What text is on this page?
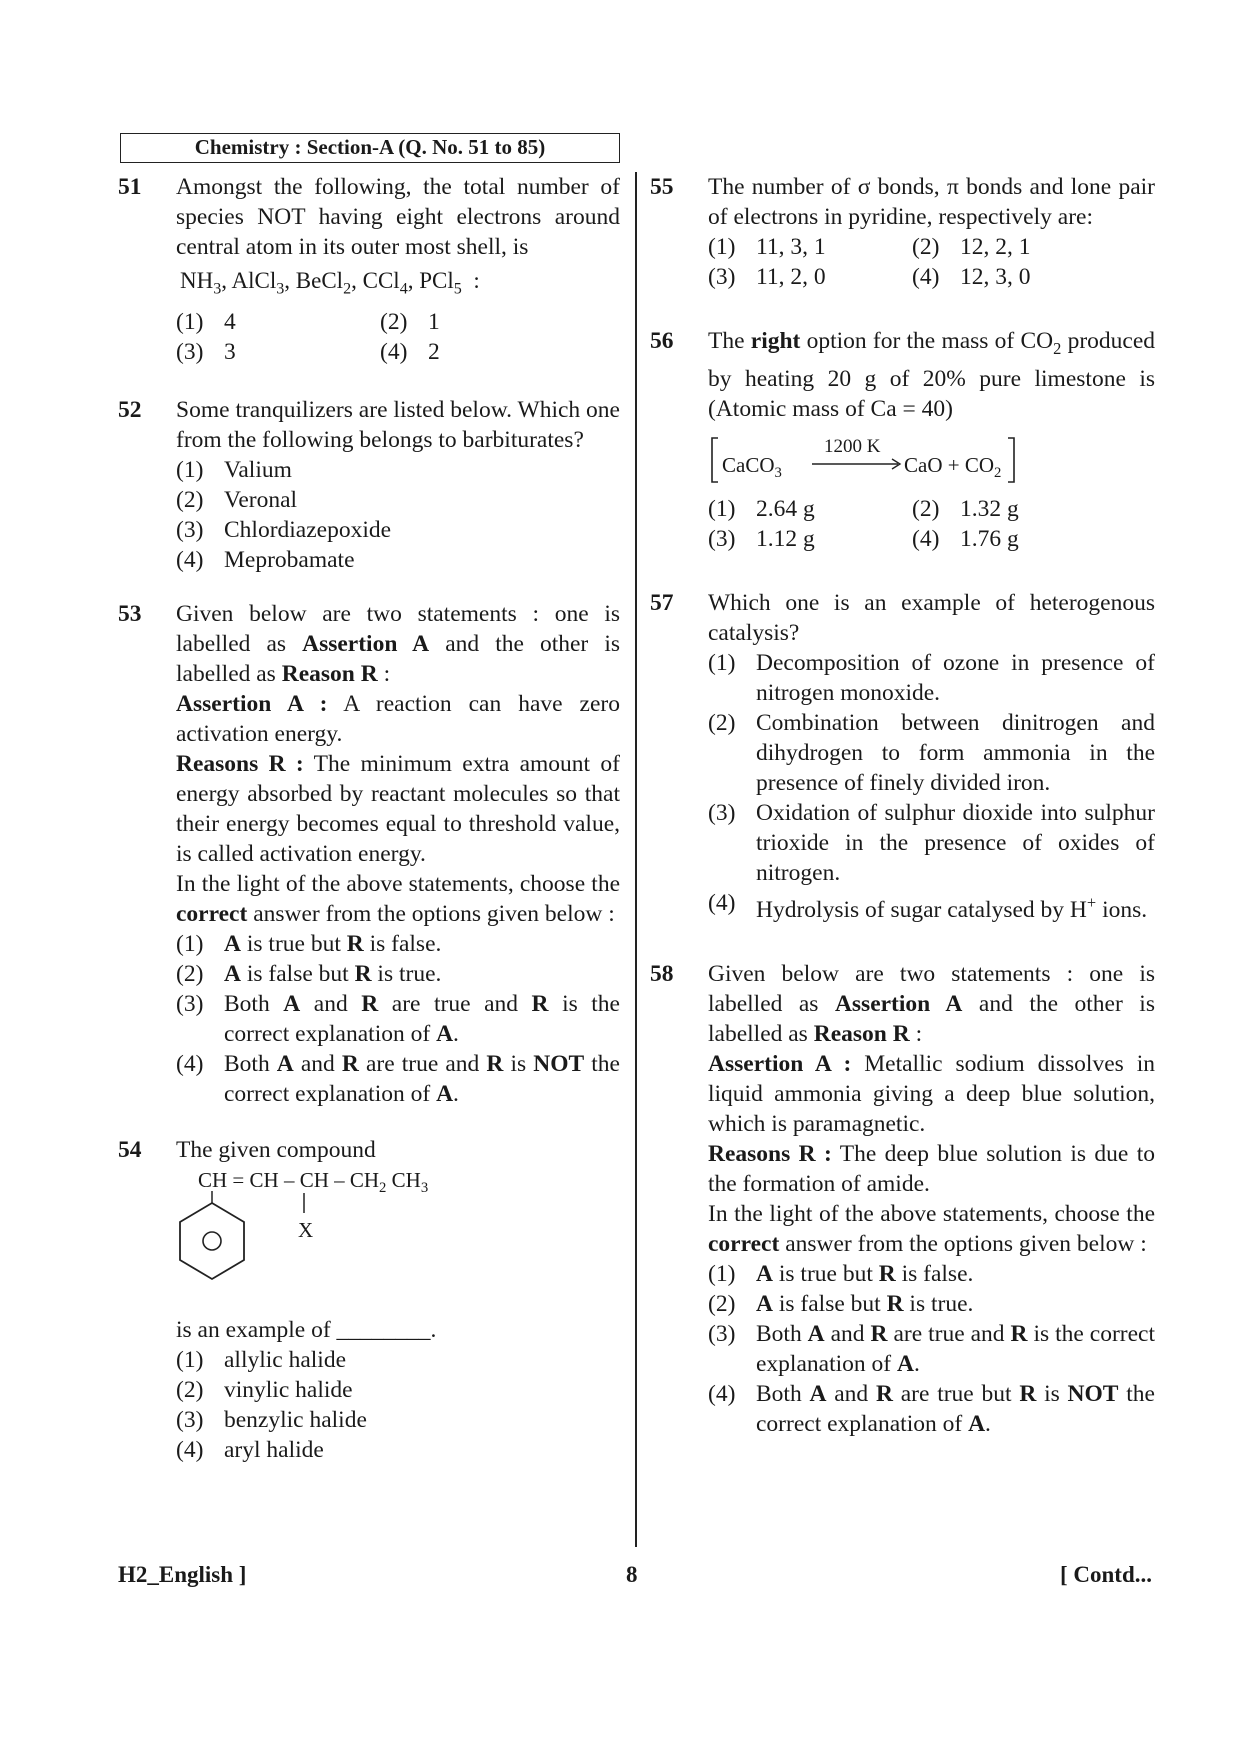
Chemistry : Section-A (Q. No. 51 to 85)
51 Amongst the following, the total number of species NOT having eight electrons around central atom in its outer most shell, is
$NH_3$, AlCl$_3$, BeCl$_2$, CCl$_4$, PCl$_5$  :
(1) 4	(2) 1
(3) 3	(4) 2
52 Some tranquilizers are listed below. Which one from the following belongs to barbiturates?
(1) Valium
(2) Veronal
(3) Chlordiazepoxide
(4) Meprobamate
53 Given below are two statements : one is labelled as Assertion A and the other is labelled as Reason R :
Assertion A : A reaction can have zero activation energy.
Reasons R : The minimum extra amount of energy absorbed by reactant molecules so that their energy becomes equal to threshold value, is called activation energy.
In the light of the above statements, choose the correct answer from the options given below :
(1) A is true but R is false.
(2) A is false but R is true.
(3) Both A and R are true and R is the correct explanation of A.
(4) Both A and R are true and R is NOT the correct explanation of A.
54 The given compound
CH = CH – CH – $CH_2$ $CH_3$
X
is an example of ________.
(1) allylic halide
(2) vinylic halide
(3) benzylic halide
(4) aryl halide
55 The number of σ bonds, π bonds and lone pair of electrons in pyridine, respectively are:
(1) 11, 3, 1	(2) 12, 2, 1
(3) 11, 2, 0	(4) 12, 3, 0
56 The right option for the mass of $CO_2$ produced by heating 20 g of 20% pure limestone is (Atomic mass of Ca = 40)
CaCO$_3$
1200 K
CaO + $CO_2$
(1) 2.64 g	(2) 1.32 g
(3) 1.12 g	(4) 1.76 g
57 Which one is an example of heterogenous catalysis?
(1) Decomposition of ozone in presence of nitrogen monoxide.
(2) Combination between dinitrogen and dihydrogen to form ammonia in the presence of finely divided iron.
(3) Oxidation of sulphur dioxide into sulphur trioxide in the presence of oxides of nitrogen.
(4) Hydrolysis of sugar catalysed by H+ ions.
58 Given below are two statements : one is labelled as Assertion A and the other is labelled as Reason R :
Assertion A : Metallic sodium dissolves in liquid ammonia giving a deep blue solution, which is paramagnetic.
Reasons R : The deep blue solution is due to the formation of amide.
In the light of the above statements, choose the correct answer from the options given below :
(1) A is true but R is false.
(2) A is false but R is true.
(3) Both A and R are true and R is the correct explanation of A.
(4) Both A and R are true but R is NOT the correct explanation of A.
H2_English ]	8	[ Contd...
